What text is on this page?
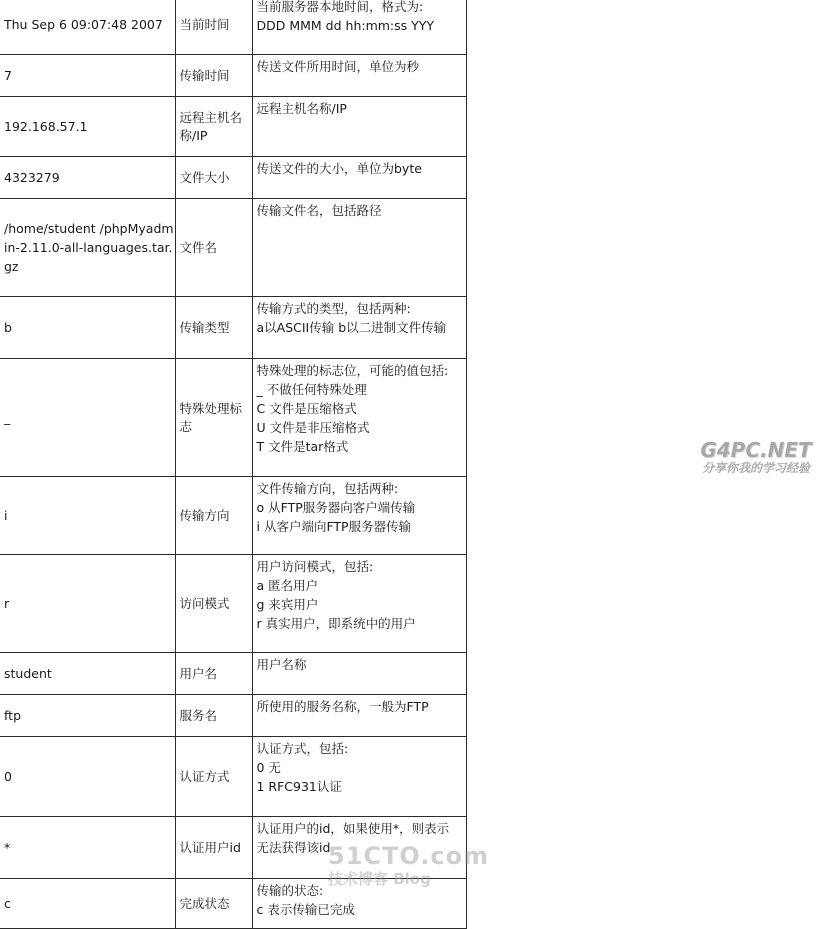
Thu Sep 6 09:07:48 2007	当前时间	当前服务器本地时间，格式为:
DDD MMM dd hh:mm:ss YYY

7	传输时间	传送文件所用时间，单位为秒

192.168.57.1	远程主机名称/IP	远程主机名称/IP

4323279	文件大小	传送文件的大小，单位为byte

/home/student /phpMyadmin-2.11.0-all-languages.tar.gz	文件名	传输文件名，包括路径

b	传输类型	传输方式的类型，包括两种:
a以ASCII传输 b以二进制文件传输

_	特殊处理标志	特殊处理的标志位，可能的值包括:
_ 不做任何特殊处理
C 文件是压缩格式
U 文件是非压缩格式
T 文件是tar格式

i	传输方向	文件传输方向，包括两种:
o 从FTP服务器向客户端传输
i 从客户端向FTP服务器传输

r	访问模式	用户访问模式，包括:
a 匿名用户
g 来宾用户
r 真实用户，即系统中的用户

student	用户名	用户名称

ftp	服务名	所使用的服务名称，一般为FTP

0	认证方式	认证方式，包括:
0 无
1 RFC931认证

*	认证用户id	认证用户的id，如果使用*，则表示
无法获得该id

c	完成状态	传输的状态:
c 表示传输已完成
G4PC.NET
分享你我的学习经验
51CTO.com
技术博客 Blog
